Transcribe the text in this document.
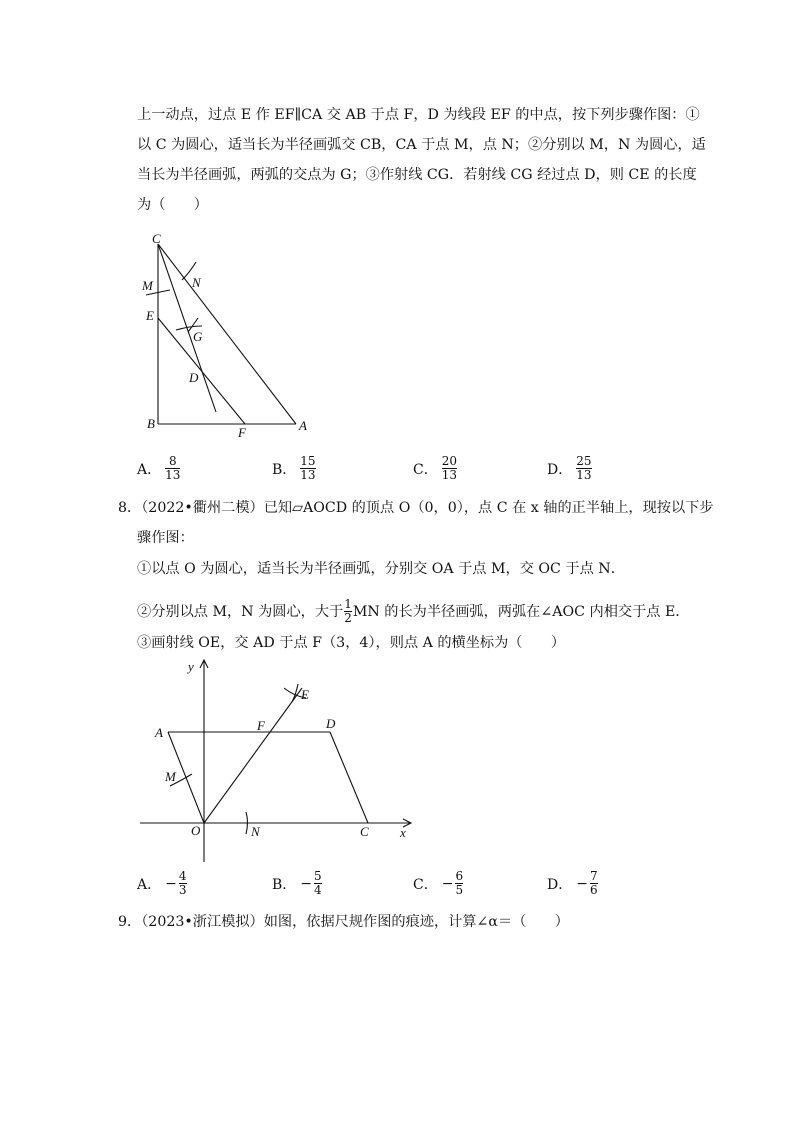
上一动点，过点 E 作 EF∥CA 交 AB 于点 F，D 为线段 EF 的中点，按下列步骤作图：①
以 C 为圆心，适当长为半径画弧交 CB，CA 于点 M，点 N；②分别以 M，N 为圆心，适
当长为半径画弧，两弧的交点为 G；③作射线 CG．若射线 CG 经过点 D，则 CE 的长度
为（　　）
C
M	N
E
G
D
B
F	A
A． $\frac{8}{13}$	B． $\frac{15}{13}$	C． $\frac{20}{13}$	D． $\frac{25}{13}$
8．（2022•衢州二模）已知▱AOCD 的顶点 O（0，0），点 C 在 x 轴的正半轴上，现按以下步
骤作图：
①以点 O 为圆心，适当长为半径画弧，分别交 OA 于点 M，交 OC 于点 N．
②分别以点 M，N 为圆心，大于 $\frac{1}{2}$ MN 的长为半径画弧，两弧在∠AOC 内相交于点 E．
③画射线 OE，交 AD 于点 F（3，4），则点 A 的横坐标为（　　）
y
x
A
D
F
E
M
O	N	C
A． − $\frac{4}{3}$	B． − $\frac{5}{4}$	C． − $\frac{6}{5}$	D． − $\frac{7}{6}$
9．（2023•浙江模拟）如图，依据尺规作图的痕迹，计算∠α＝（　　）
